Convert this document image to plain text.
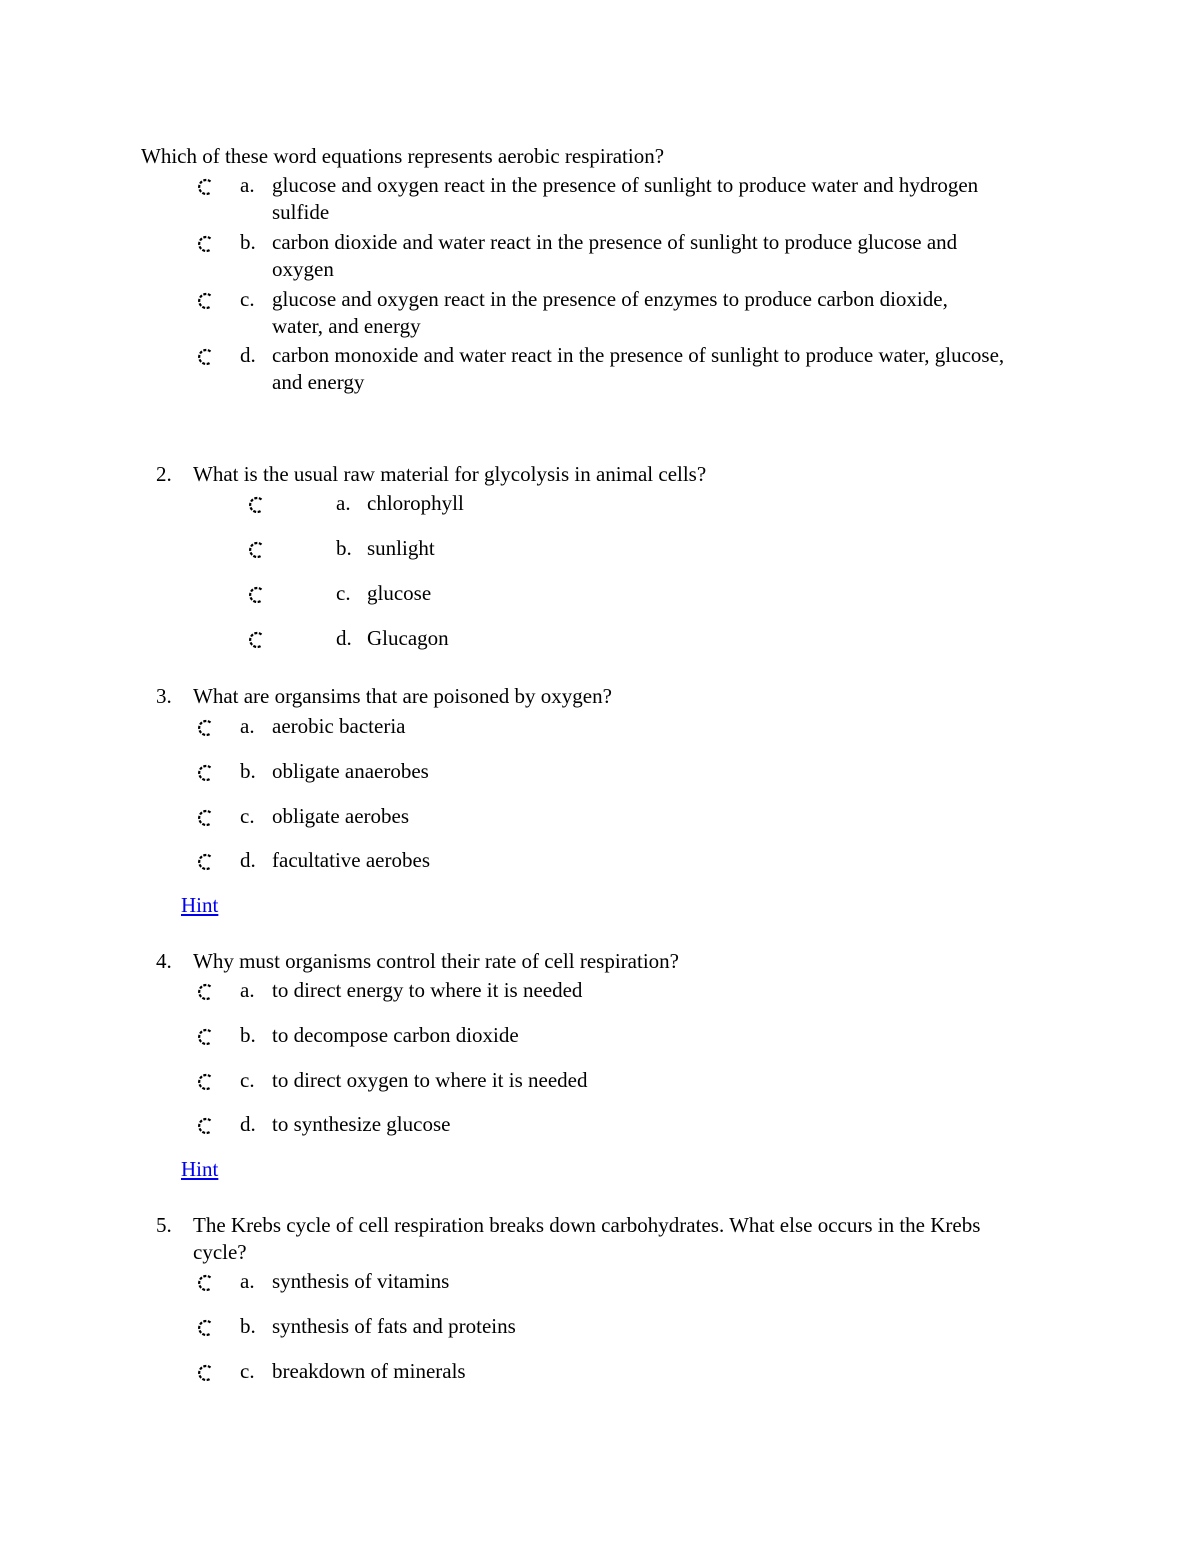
Which of these word equations represents aerobic respiration?
a. glucose and oxygen react in the presence of sunlight to produce water and hydrogen sulfide
b. carbon dioxide and water react in the presence of sunlight to produce glucose and oxygen
c. glucose and oxygen react in the presence of enzymes to produce carbon dioxide, water, and energy
d. carbon monoxide and water react in the presence of sunlight to produce water, glucose, and energy
2. What is the usual raw material for glycolysis in animal cells?
a. chlorophyll
b. sunlight
c. glucose
d. Glucagon
3. What are organsims that are poisoned by oxygen?
a. aerobic bacteria
b. obligate anaerobes
c. obligate aerobes
d. facultative aerobes
Hint
4. Why must organisms control their rate of cell respiration?
a. to direct energy to where it is needed
b. to decompose carbon dioxide
c. to direct oxygen to where it is needed
d. to synthesize glucose
Hint
5. The Krebs cycle of cell respiration breaks down carbohydrates. What else occurs in the Krebs cycle?
a. synthesis of vitamins
b. synthesis of fats and proteins
c. breakdown of minerals
